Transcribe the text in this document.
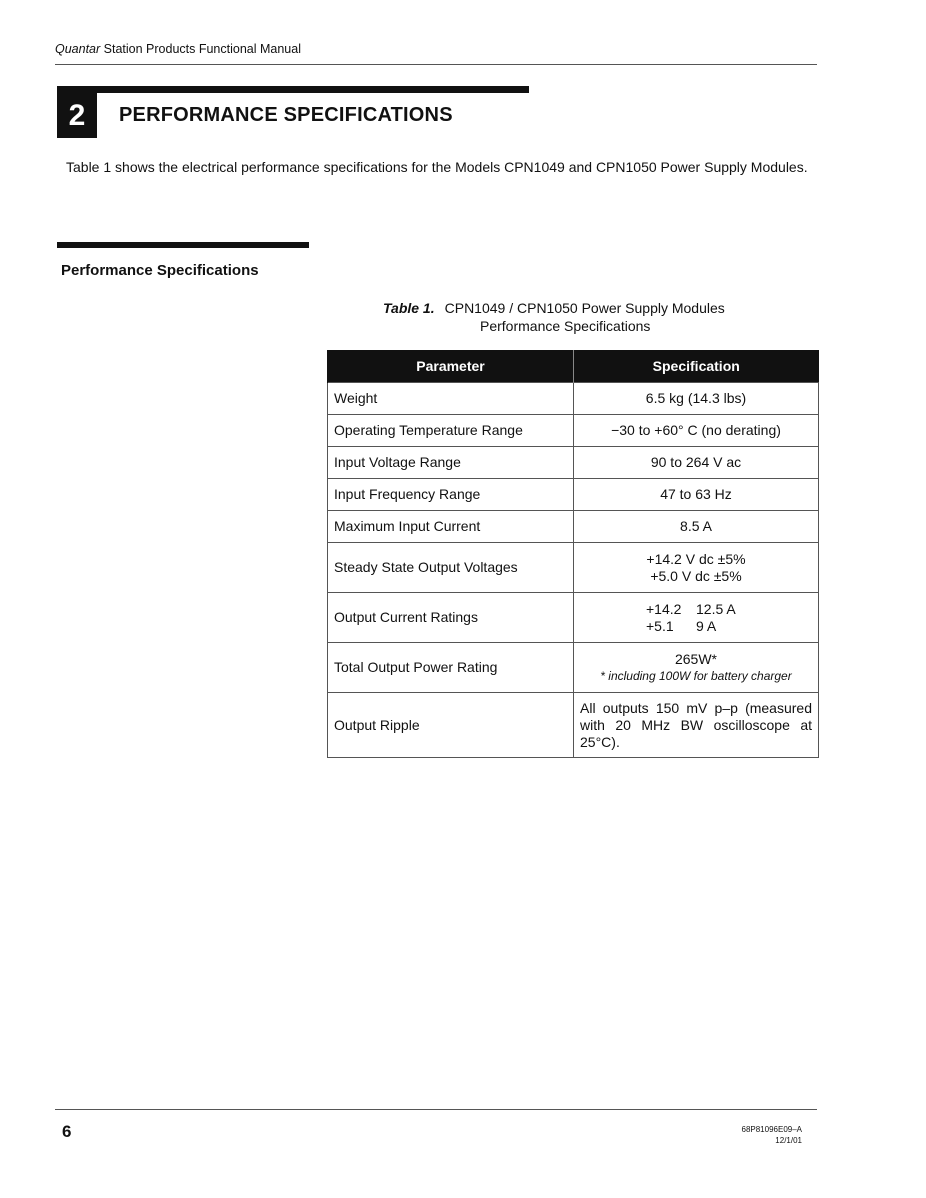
Quantar Station Products Functional Manual
2	PERFORMANCE SPECIFICATIONS
Table 1 shows the electrical performance specifications for the Models CPN1049 and CPN1050 Power Supply Modules.
Performance Specifications
Table 1. CPN1049 / CPN1050 Power Supply Modules
Performance Specifications
Parameter	Specification
Weight	6.5 kg (14.3 lbs)
Operating Temperature Range	−30 to +60° C (no derating)
Input Voltage Range	90 to 264 V ac
Input Frequency Range	47 to 63 Hz
Maximum Input Current	8.5 A
Steady State Output Voltages	+14.2 V dc ±5%
+5.0 V dc ±5%

Output Current Ratings	+14.2 12.5 A
+5.1 9 A

Total Output Power Rating	265W*
* including 100W for battery charger

Output Ripple	All outputs 150 mV p–p (measured with 20 MHz BW oscilloscope at 25°C).
6	68P81096E09–A
12/1/01
